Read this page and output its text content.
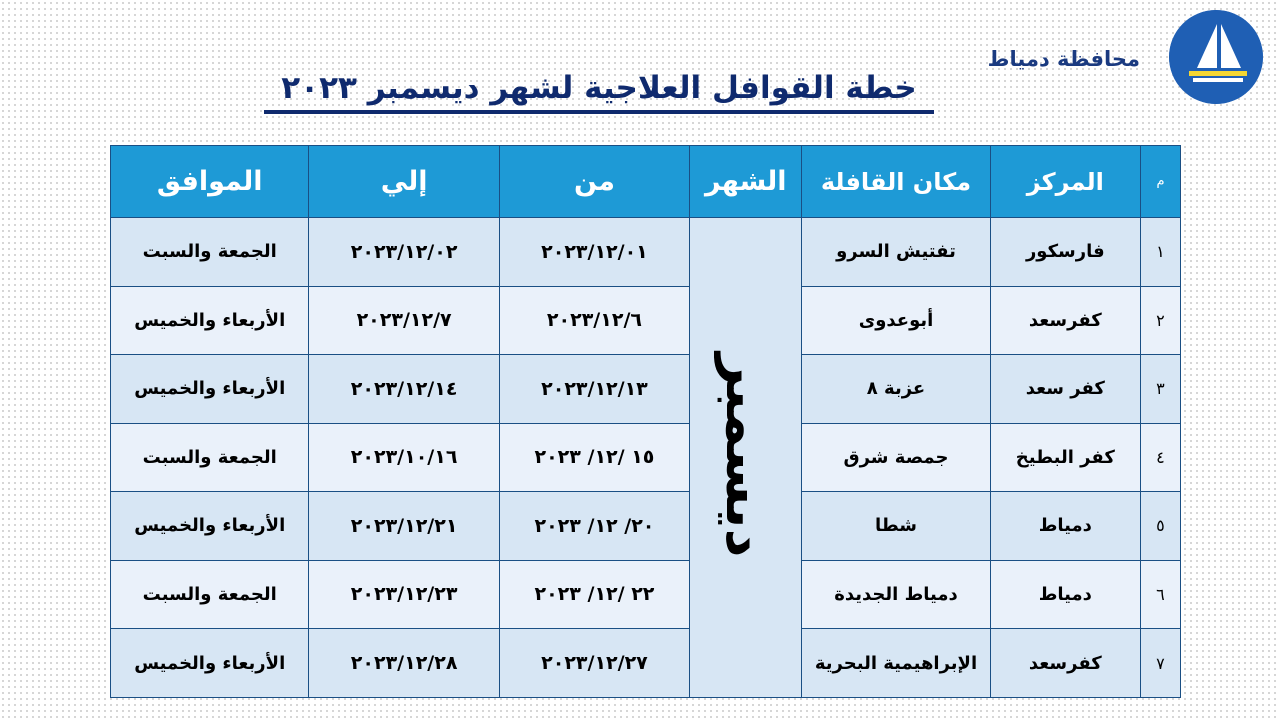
محافظة دمياط
خطة القوافل العلاجية لشهر ديسمبر ٢٠٢٣
م	المركز	مكان القافلة	الشهر	من	إلي	الموافق
١	فارسكور	تفتيش السرو	ديسمبر	٢٠٢٣/١٢/٠١	٢٠٢٣/١٢/٠٢	الجمعة والسبت
٢	كفرسعد	أبوعدوى		٢٠٢٣/١٢/٦	٢٠٢٣/١٢/٧	الأربعاء والخميس
٣	كفر سعد	عزبة ٨		٢٠٢٣/١٢/١٣	٢٠٢٣/١٢/١٤	الأربعاء والخميس
٤	كفر البطيخ	جمصة شرق		١٥ /١٢/ ٢٠٢٣	٢٠٢٣/١٠/١٦	الجمعة والسبت
٥	دمياط	شطا		٢٠/ ١٢/ ٢٠٢٣	٢٠٢٣/١٢/٢١	الأربعاء والخميس
٦	دمياط	دمياط الجديدة		٢٢ /١٢/ ٢٠٢٣	٢٠٢٣/١٢/٢٣	الجمعة والسبت
٧	كفرسعد	الإبراهيمية البحرية		٢٠٢٣/١٢/٢٧	٢٠٢٣/١٢/٢٨	الأربعاء والخميس
